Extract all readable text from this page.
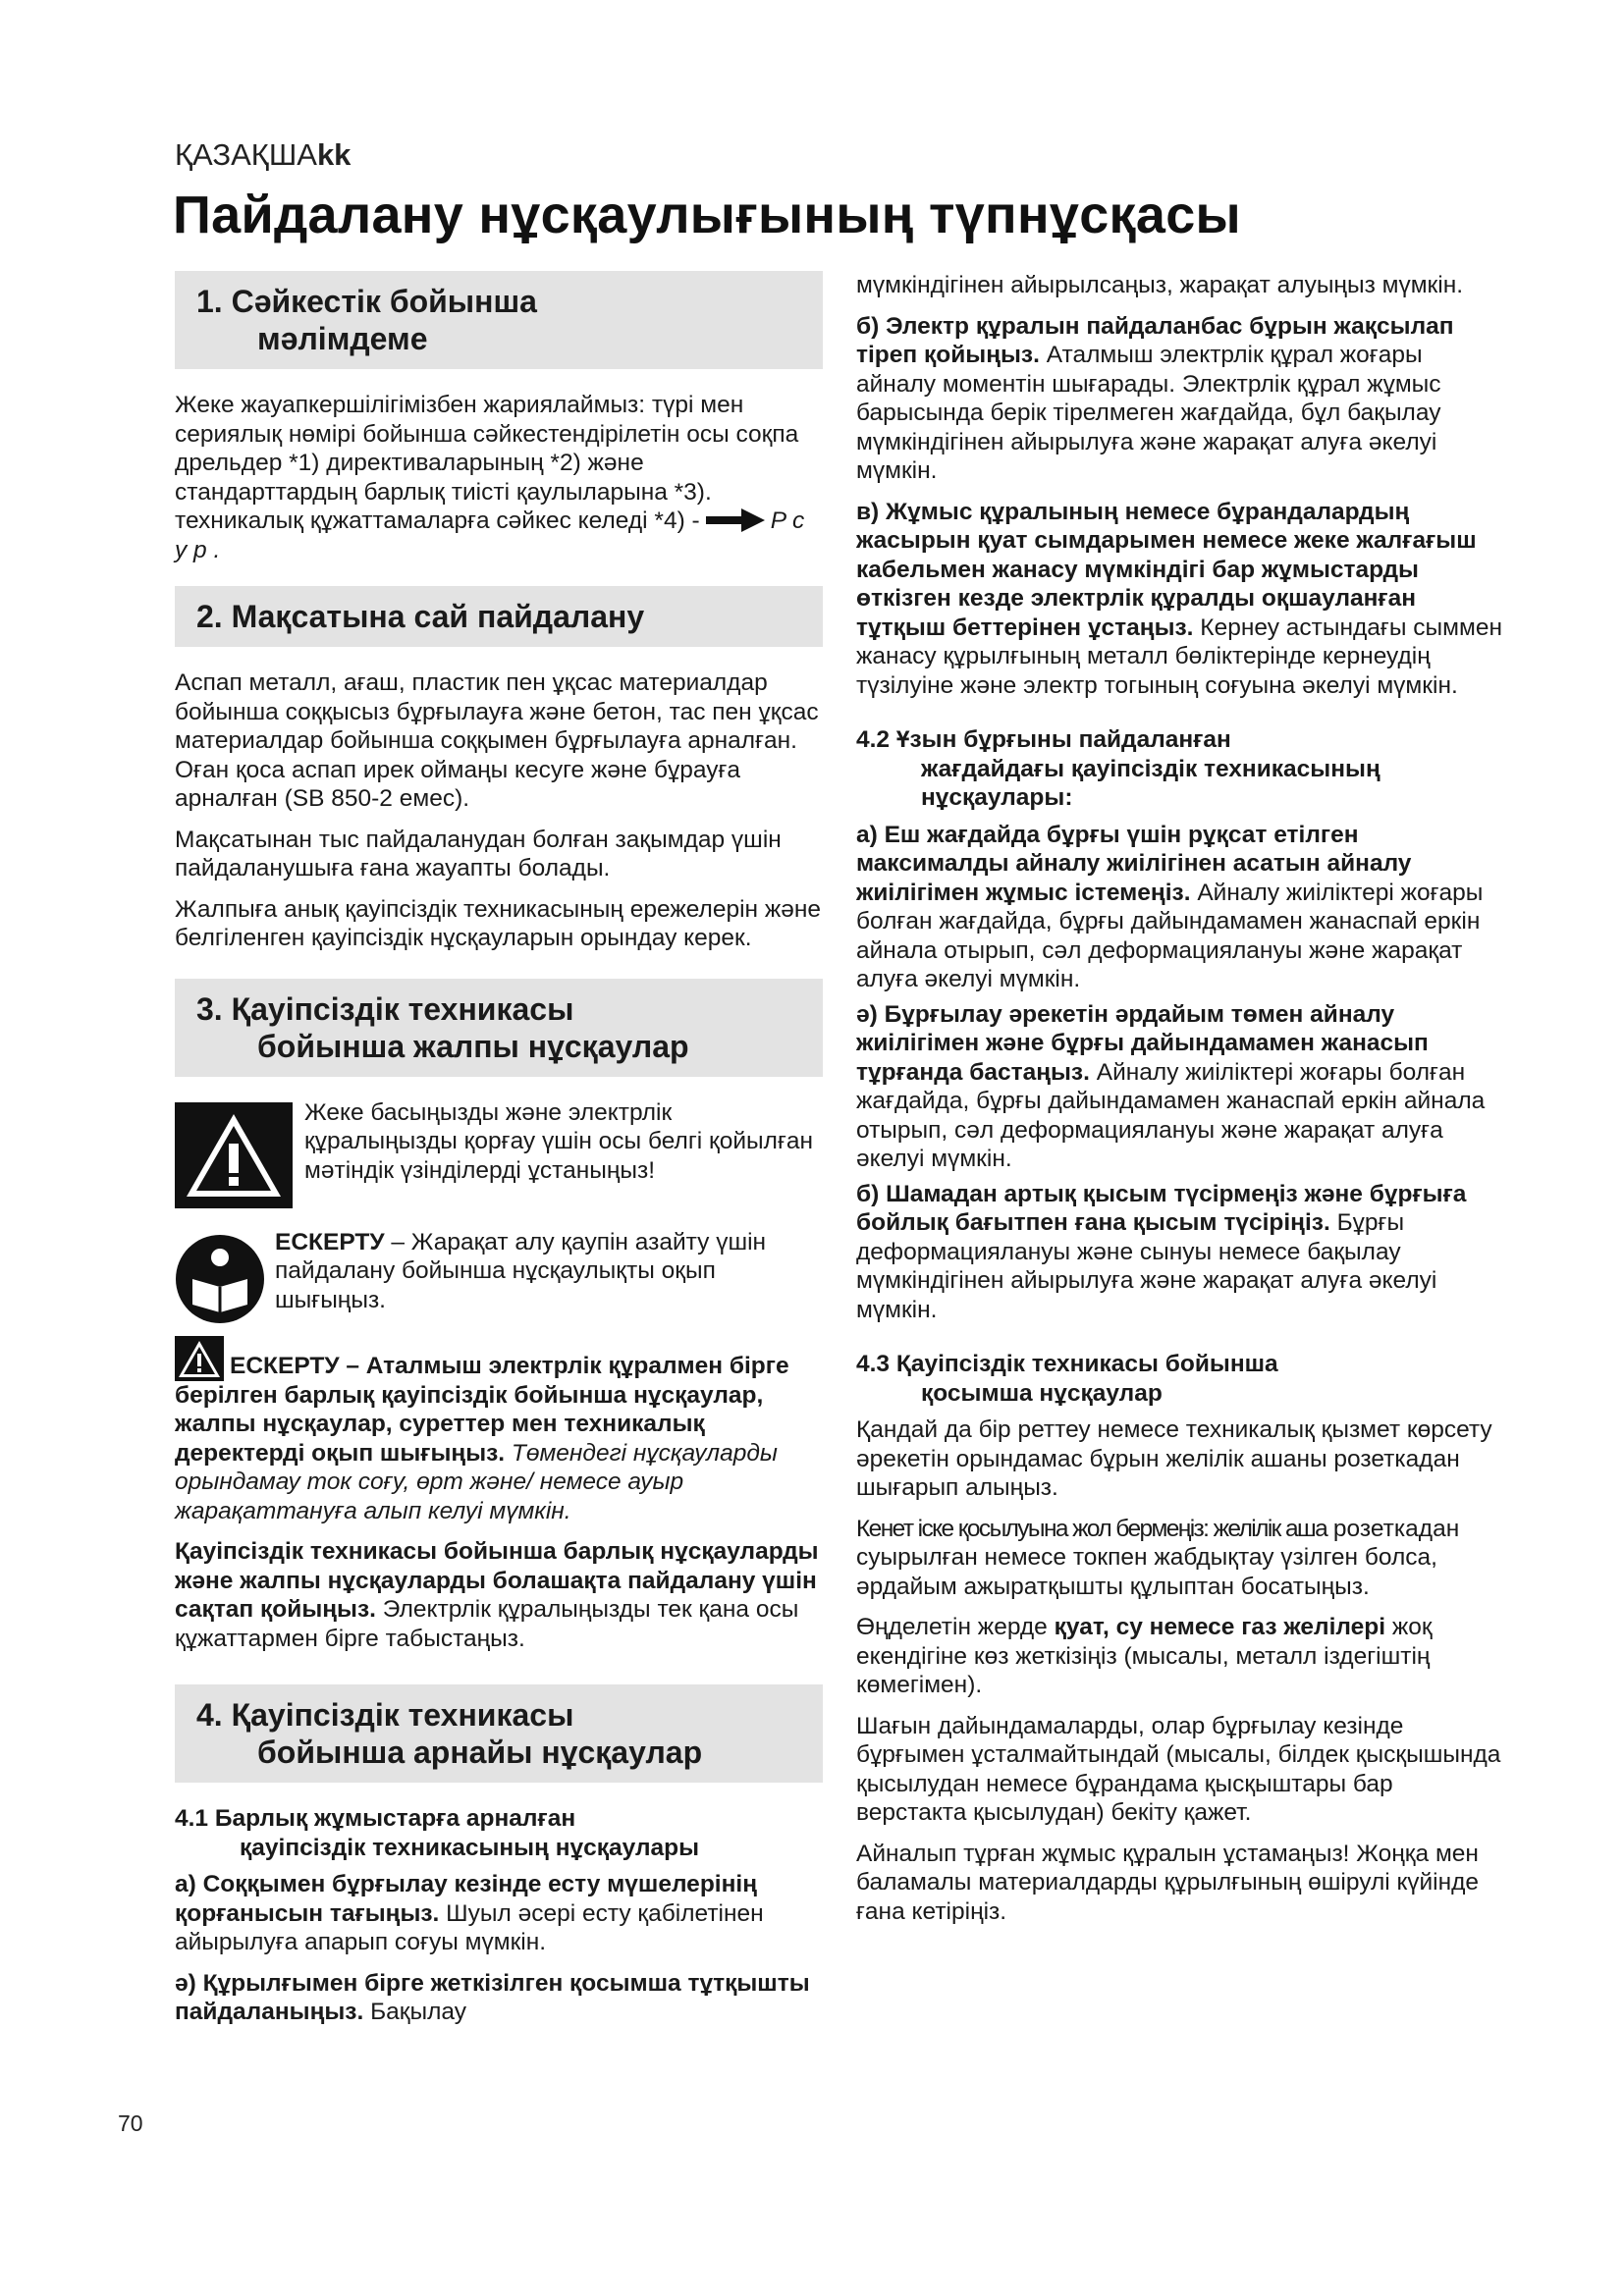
ҚАЗАҚШАkk
Пайдалану нұсқаулығының түпнұсқасы
1. Сәйкестік бойынша
мәлімдеме

Жеке жауапкершілігімізбен жариялаймыз: түрі мен сериялық нөмірі бойынша сәйкестендірілетін осы соқпа дрельдер *1) директиваларының *2) және стандарттардың барлық тиісті қаулыларына *3). техникалық құжаттамаларға сәйкес келеді *4) -	P с у р .

2. Мақсатына сай пайдалану

Аспап металл, ағаш, пластик пен ұқсас материалдар бойынша соққысыз бұрғылауға және бетон, тас пен ұқсас материалдар бойынша соққымен бұрғылауға арналған. Оған қоса аспап ирек оймаңы кесуге және бұрауға арналған (SB 850-2 емес).

Мақсатынан тыс пайдаланудан болған зақымдар үшін пайдаланушыға ғана жауапты болады.

Жалпыға анық қауіпсіздік техникасының ережелерін және белгіленген қауіпсіздік нұсқауларын орындау керек.

3. Қауіпсіздік техникасы
бойынша жалпы нұсқаулар

Жеке басыңызды және электрлік құралыңызды қорғау үшін осы белгі қойылған мәтіндік үзінділерді ұстаныңыз!

ЕСКЕРТУ – Жарақат алу қаупін азайту үшін пайдалану бойынша нұсқаулықты оқып шығыңыз.

ЕСКЕРТУ – Аталмыш электрлік құралмен бірге берілген барлық қауіпсіздік бойынша нұсқаулар, жалпы нұсқаулар, суреттер мен техникалық деректерді оқып шығыңыз. Төмендегі нұсқауларды орындамау ток соғу, өрт және/ немесе ауыр жарақаттануға алып келуі мүмкін.

Қауіпсіздік техникасы бойынша барлық нұсқауларды және жалпы нұсқауларды болашақта пайдалану үшін сақтап қойыңыз. Электрлік құралыңызды тек қана осы құжаттармен бірге табыстаңыз.

4. Қауіпсіздік техникасы
бойынша арнайы нұсқаулар
4.1 Барлық жұмыстарға арналған
қауіпсіздік техникасының нұсқаулары

а) Соққымен бұрғылау кезінде есту мүшелерінің қорғанысын тағыңыз. Шуыл әсері есту қабілетінен айырылуға апарып соғуы мүмкін.

ә) Құрылғымен бірге жеткізілген қосымша тұтқышты пайдаланыңыз. Бақылау

мүмкіндігінен айырылсаңыз, жарақат алуыңыз мүмкін.

б) Электр құралын пайдаланбас бұрын жақсылап тіреп қойыңыз. Аталмыш электрлік құрал жоғары айналу моментін шығарады. Электрлік құрал жұмыс барысында берік тірелмеген жағдайда, бұл бақылау мүмкіндігінен айырылуға және жарақат алуға әкелуі мүмкін.

в) Жұмыс құралының немесе бұрандалардың жасырын қуат сымдарымен немесе жеке жалғағыш кабельмен жанасу мүмкіндігі бар жұмыстарды өткізген кезде электрлік құралды оқшауланған тұтқыш беттерінен ұстаңыз. Кернеу астындағы сыммен жанасу құрылғының металл бөліктерінде кернеудің түзілуіне және электр тогының соғуына әкелуі мүмкін.

4.2 Ұзын бұрғыны пайдаланған
жағдайдағы қауіпсіздік техникасының нұсқаулары:

а) Еш жағдайда бұрғы үшін рұқсат етілген максималды айналу жиілігінен асатын айналу жиілігімен жұмыс істемеңіз. Айналу жиіліктері жоғары болған жағдайда, бұрғы дайындамамен жанаспай еркін айнала отырып, сәл деформациялануы және жарақат алуға әкелуі мүмкін.

ә) Бұрғылау әрекетін әрдайым төмен айналу жиілігімен және бұрғы дайындамамен жанасып тұрғанда бастаңыз. Айналу жиіліктері жоғары болған жағдайда, бұрғы дайындамамен жанаспай еркін айнала отырып, сәл деформациялануы және жарақат алуға әкелуі мүмкін.

б) Шамадан артық қысым түсірмеңіз және бұрғыға бойлық бағытпен ғана қысым түсіріңіз. Бұрғы деформациялануы және сынуы немесе бақылау мүмкіндігінен айырылуға және жарақат алуға әкелуі мүмкін.

4.3 Қауіпсіздік техникасы бойынша
қосымша нұсқаулар

Қандай да бір реттеу немесе техникалық қызмет көрсету әрекетін орындамас бұрын желілік ашаны розеткадан шығарып алыңыз.

Кенет іске қосылуына жол бермеңіз: желілік аша розеткадан суырылған немесе токпен жабдықтау үзілген болса, әрдайым ажыратқышты құлыптан босатыңыз.

Өңделетін жерде қуат, су немесе газ желілері жоқ екендігіне көз жеткізіңіз (мысалы, металл іздегіштің көмегімен).

Шағын дайындамаларды, олар бұрғылау кезінде бұрғымен ұсталмайтындай (мысалы, білдек қысқышында қысылудан немесе бұрандама қысқыштары бар верстакта қысылудан) бекіту қажет.

Айналып тұрған жұмыс құралын ұстамаңыз! Жоңқа мен баламалы материалдарды құрылғының өшірулі күйінде ғана кетіріңіз.

70
